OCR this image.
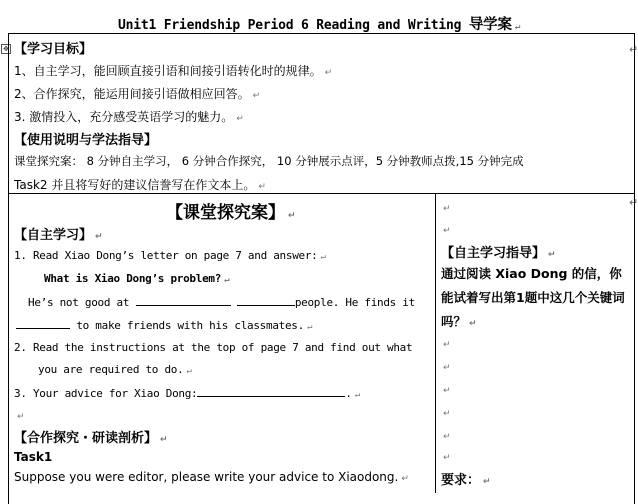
Unit1 Friendship Period 6 Reading and Writing 导学案 ↵
✥	↵
↵
【学习目标】
1、自主学习，能回顾直接引语和间接引语转化时的规律。 ↵
2、合作探究，能运用间接引语做相应回答。 ↵
3. 激情投入，充分感受英语学习的魅力。 ↵
【使用说明与学法指导】
课堂探究案： 8 分钟自主学习， 6 分钟合作探究， 10 分钟展示点评，5 分钟教师点拨,15 分钟完成
Task2 并且将写好的建议信誊写在作文本上。 ↵
【课堂探究案】 ↵
【自主学习】 ↵
1. Read Xiao Dong’s letter on page 7 and answer: ↵
What is Xiao Dong’s problem? ↵
He’s not good at	people. He finds it
to make friends with his classmates. ↵
2. Read the instructions at the top of page 7 and find out what
you are required to do. ↵
3. Your advice for Xiao Dong:	. ↵
↵
【合作探究・研读剖析】 ↵
Task1
Suppose you were editor, please write your advice to Xiaodong. ↵
↵
↵
【自主学习指导】 ↵
通过阅读 Xiao Dong 的信，你能试着写出第1题中这几个关键词吗？ ↵
↵
↵
↵
↵
↵
↵
要求： ↵
